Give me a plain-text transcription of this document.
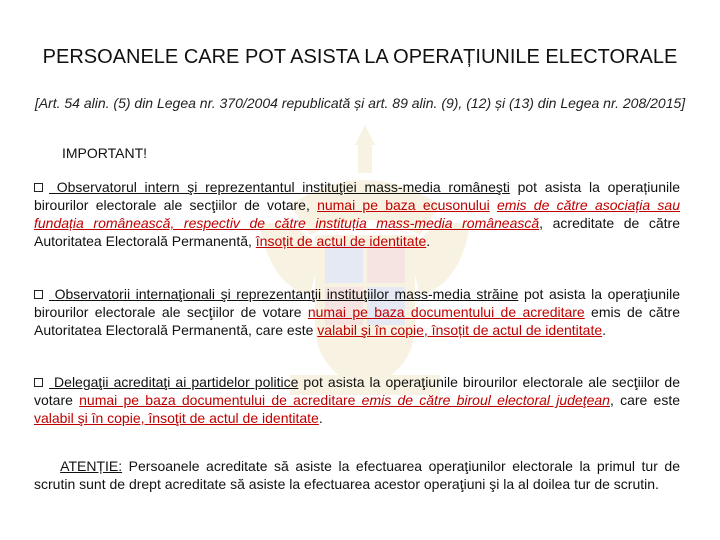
PERSOANELE CARE POT ASISTA LA OPERAȚIUNILE ELECTORALE
[Art. 54 alin. (5) din Legea nr. 370/2004 republicată și art. 89 alin. (9), (12) și (13) din Legea nr. 208/2015]
IMPORTANT!
Observatorul intern şi reprezentantul instituţiei mass-media româneşti pot asista la operațiunile birourilor electorale ale secţiilor de votare, numai pe baza ecusonului emis de către asociația sau fundația românească, respectiv de către instituția mass-media românească, acreditate de către Autoritatea Electorală Permanentă, însoțit de actul de identitate.
Observatorii internaţionali şi reprezentanţii instituţiilor mass-media străine pot asista la operaţiunile birourilor electorale ale secţiilor de votare numai pe baza documentului de acreditare emis de către Autoritatea Electorală Permanentă, care este valabil şi în copie, însoțit de actul de identitate.
Delegaţii acreditaţi ai partidelor politice pot asista la operaţiunile birourilor electorale ale secţiilor de votare numai pe baza documentului de acreditare emis de către biroul electoral judeţean, care este valabil şi în copie, însoţit de actul de identitate.
ATENȚIE: Persoanele acreditate să asiste la efectuarea operaţiunilor electorale la primul tur de scrutin sunt de drept acreditate să asiste la efectuarea acestor operaţiuni şi la al doilea tur de scrutin.
